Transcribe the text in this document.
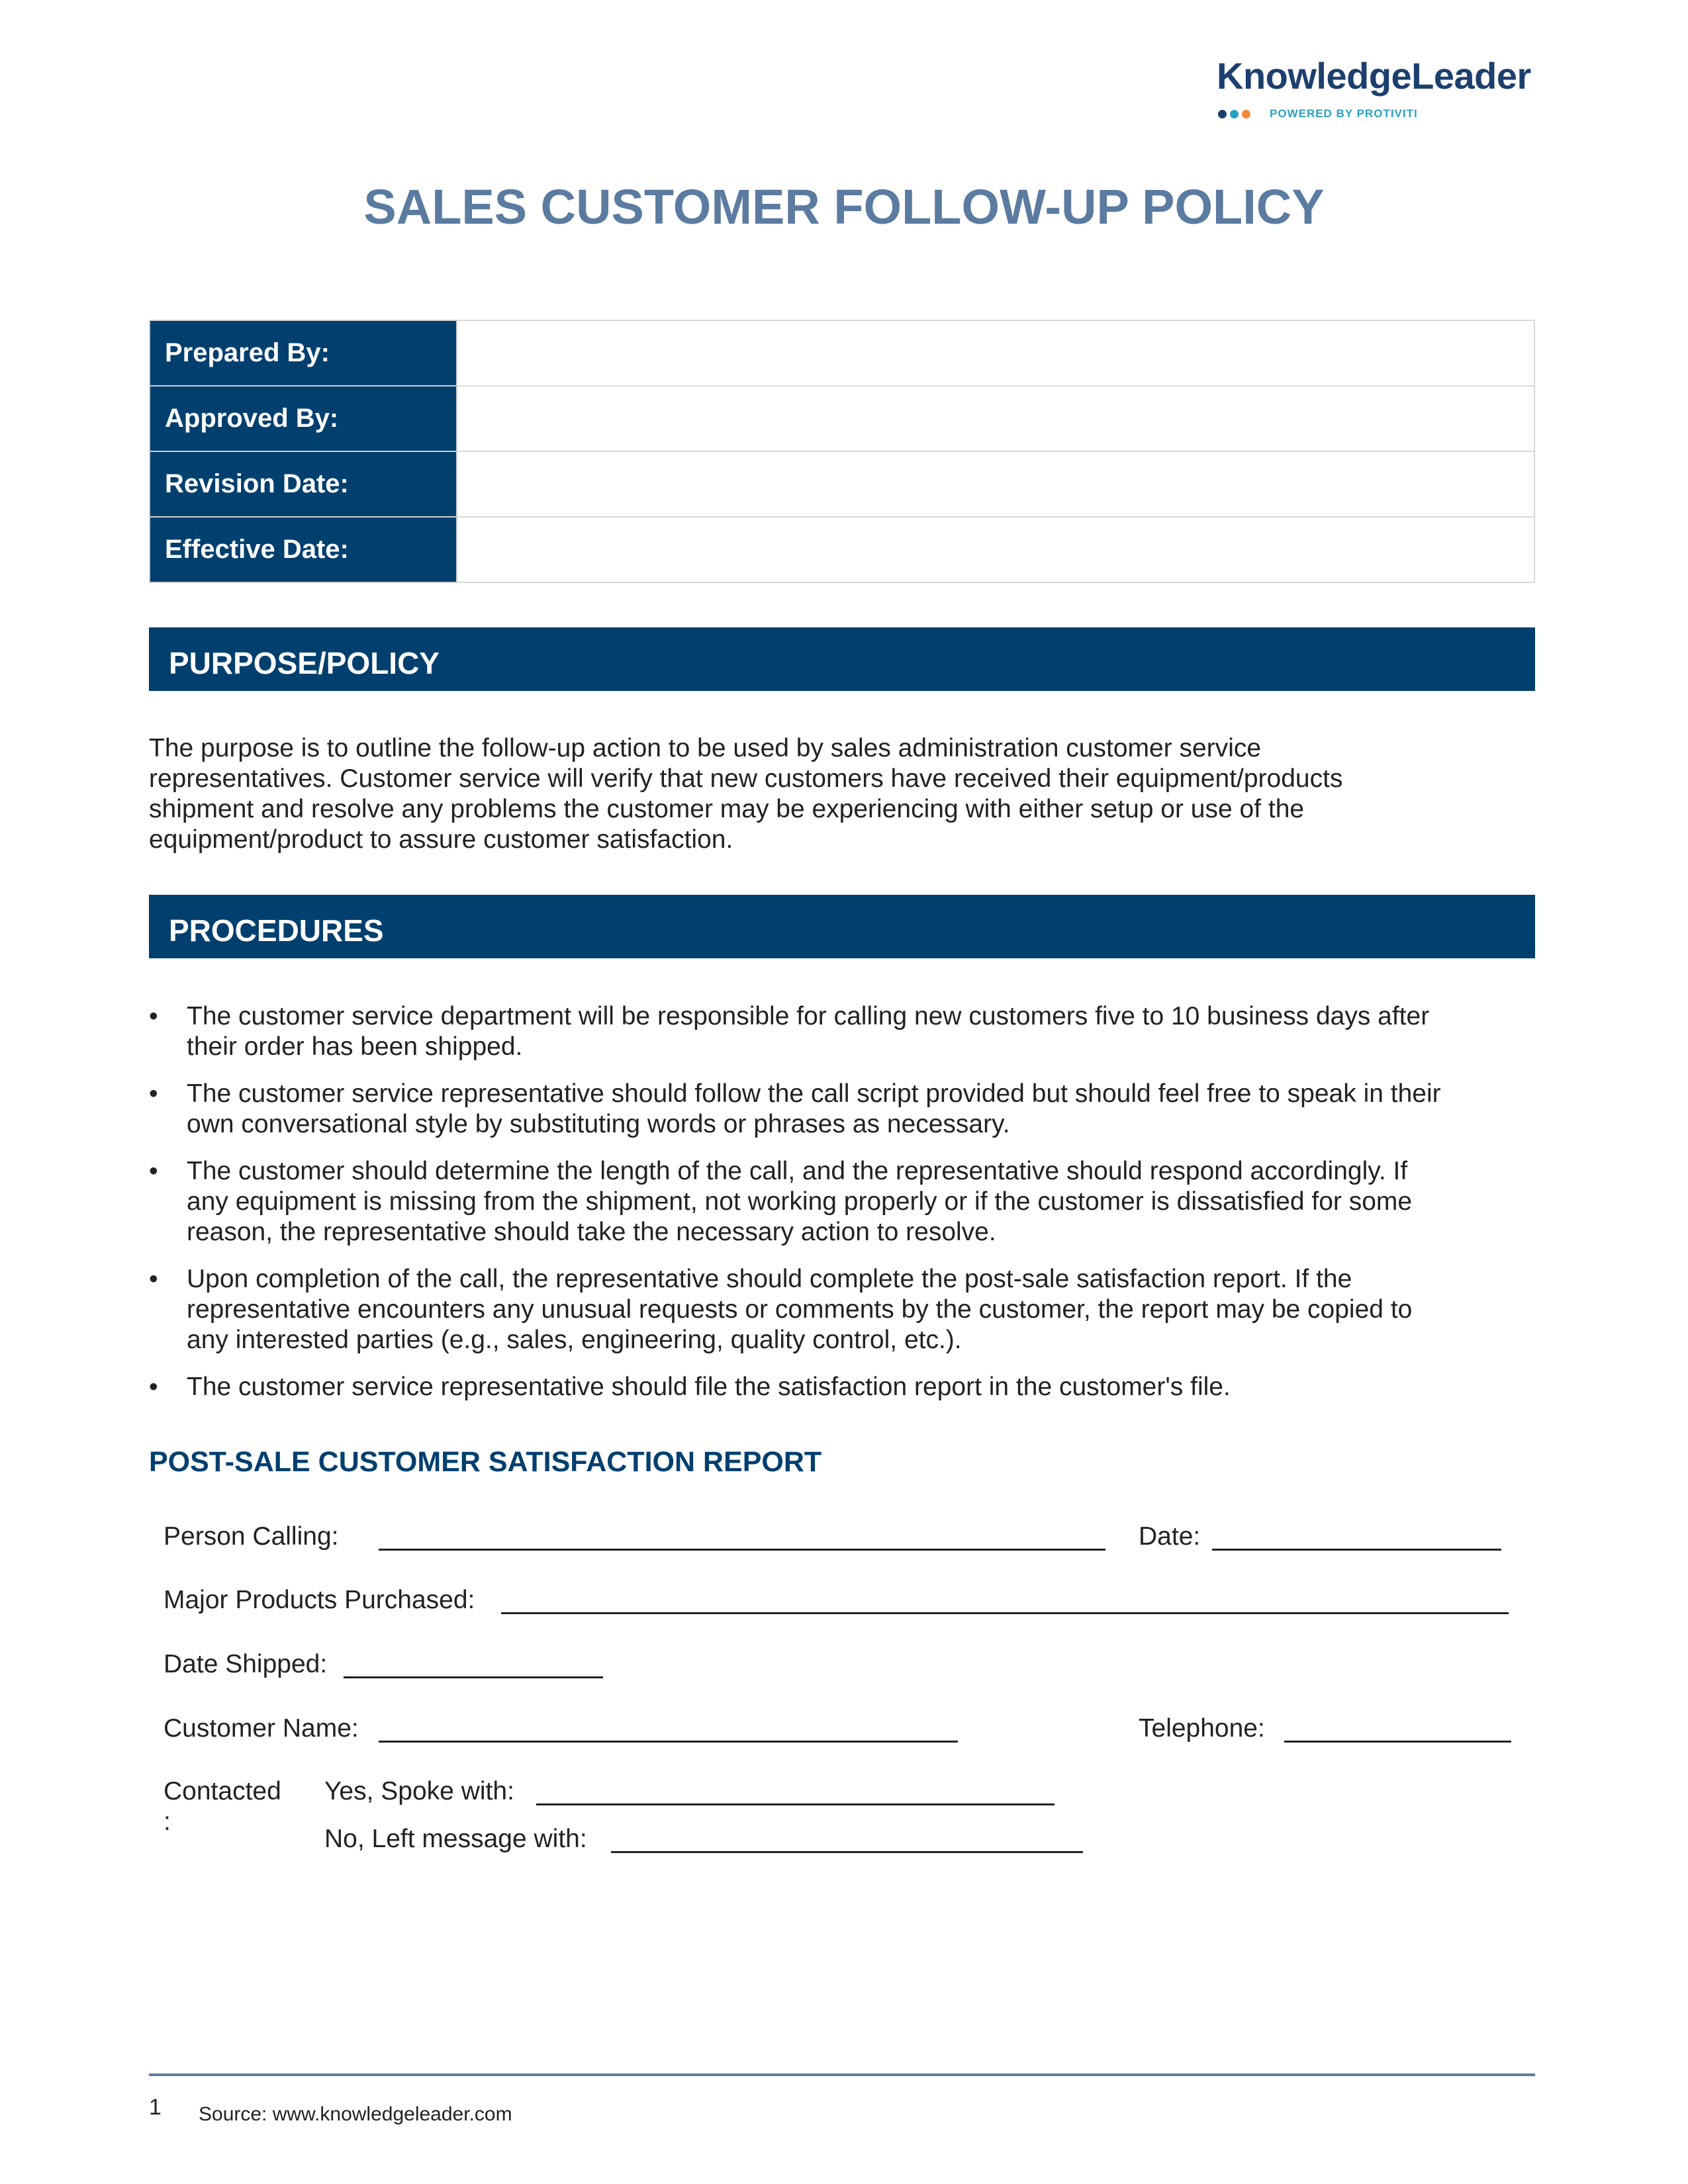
KnowledgeLeader
POWERED BY PROTIVITI
SALES CUSTOMER FOLLOW-UP POLICY
Prepared By:	
Approved By:	
Revision Date:	
Effective Date:	
PURPOSE/POLICY
The purpose is to outline the follow-up action to be used by sales administration customer service
representatives. Customer service will verify that new customers have received their equipment/products
shipment and resolve any problems the customer may be experiencing with either setup or use of the
equipment/product to assure customer satisfaction.
PROCEDURES
• The customer service department will be responsible for calling new customers five to 10 business days after
their order has been shipped.
• The customer service representative should follow the call script provided but should feel free to speak in their
own conversational style by substituting words or phrases as necessary.
• The customer should determine the length of the call, and the representative should respond accordingly. If
any equipment is missing from the shipment, not working properly or if the customer is dissatisfied for some
reason, the representative should take the necessary action to resolve.
• Upon completion of the call, the representative should complete the post-sale satisfaction report. If the
representative encounters any unusual requests or comments by the customer, the report may be copied to
any interested parties (e.g., sales, engineering, quality control, etc.).
• The customer service representative should file the satisfaction report in the customer's file.
POST-SALE CUSTOMER SATISFACTION REPORT
Person Calling:	Date:
Major Products Purchased:
Date Shipped:
Customer Name:	Telephone:
Contacted
:
Yes, Spoke with:
No, Left message with:
1 Source: www.knowledgeleader.com
